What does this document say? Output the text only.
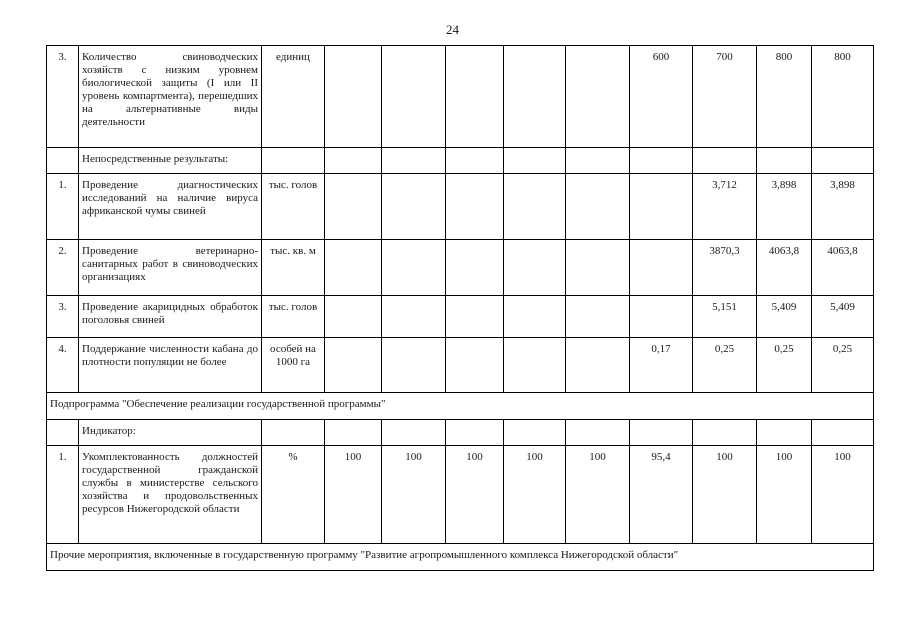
24
3.	Количество свиноводческих хозяйств с низким уровнем биологической защиты (I или II уровень компартмента), перешедших на альтернативные виды деятельности	единиц						600	700	800	800
	Непосредственные результаты:										
1.	Проведение диагностических исследований на наличие вируса африканской чумы свиней	тыс. голов							3,712	3,898	3,898
2.	Проведение ветеринарно-санитарных работ в свиноводческих организациях	тыс. кв. м							3870,3	4063,8	4063,8
3.	Проведение акарицидных обработок поголовья свиней	тыс. голов							5,151	5,409	5,409
4.	Поддержание численности кабана до плотности популяции не более	особей на 1000 га						0,17	0,25	0,25	0,25
Подпрограмма "Обеспечение реализации государственной программы"											
	Индикатор:										
1.	Укомплектованность должностей государственной гражданской службы в министерстве сельского хозяйства и продовольственных ресурсов Нижегородской области	%	100	100	100	100	100	95,4	100	100	100
Прочие мероприятия, включенные в государственную программу "Развитие агропромышленного комплекса Нижегородской области"											
